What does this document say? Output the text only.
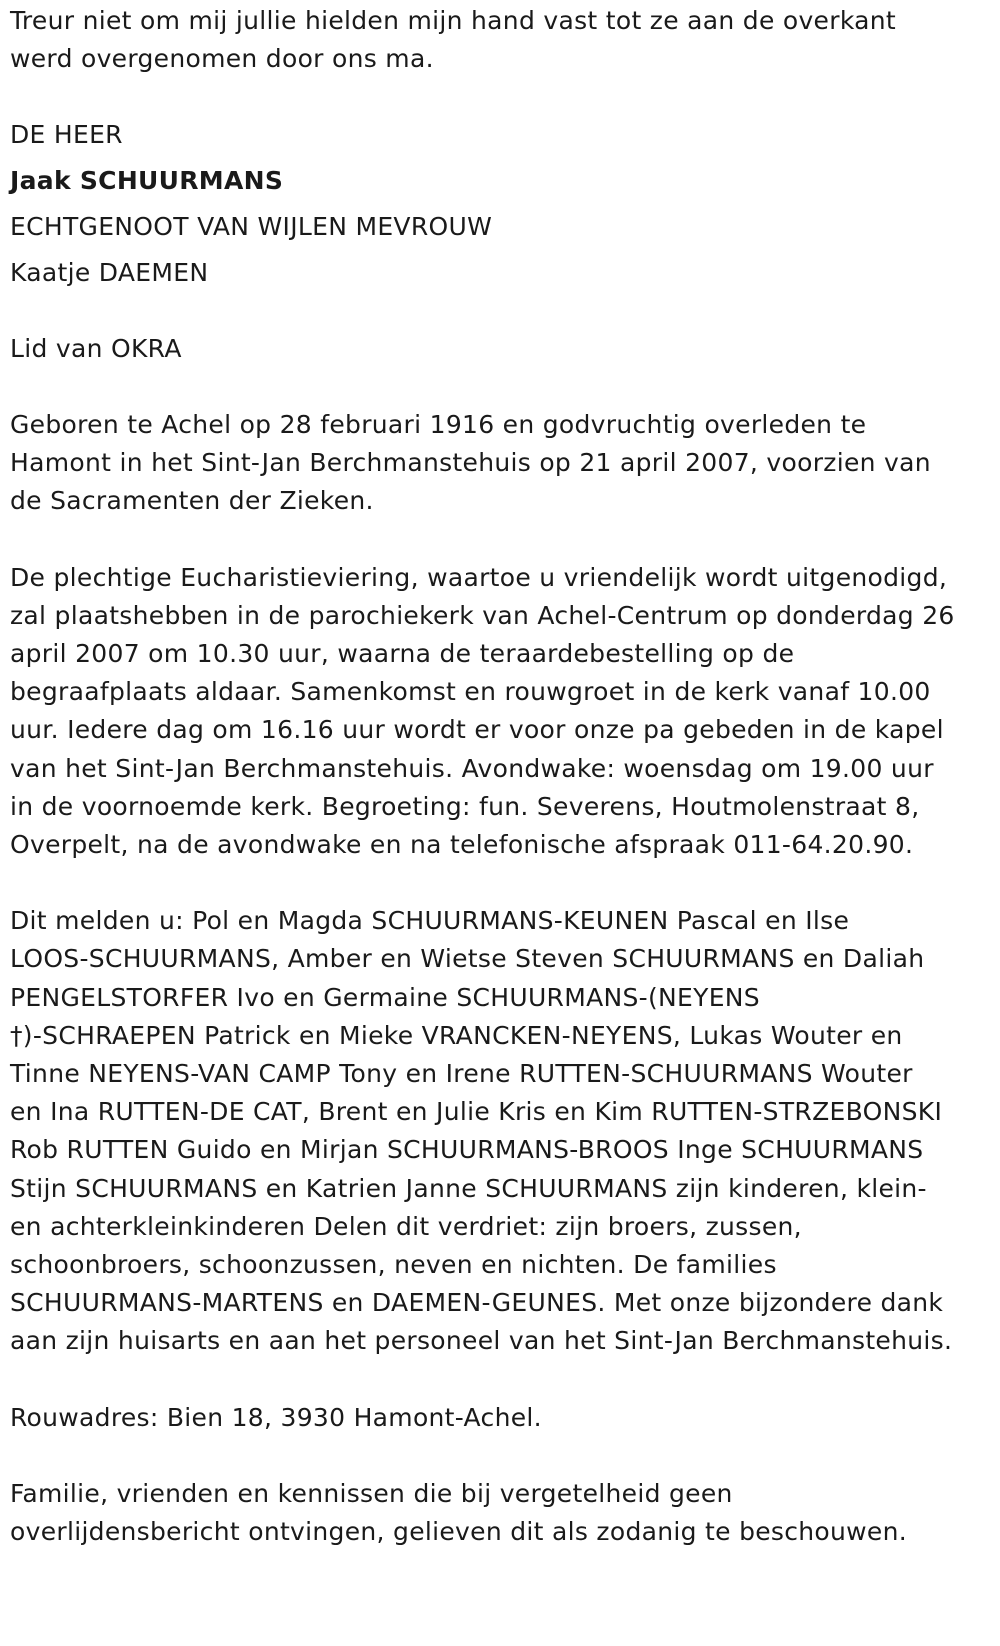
Treur niet om mij jullie hielden mijn hand vast tot ze aan de overkant
werd overgenomen door ons ma.
DE HEER
Jaak SCHUURMANS
ECHTGENOOT VAN WIJLEN MEVROUW
Kaatje DAEMEN
Lid van OKRA
Geboren te Achel op 28 februari 1916 en godvruchtig overleden te
Hamont in het Sint-Jan Berchmanstehuis op 21 april 2007, voorzien van
de Sacramenten der Zieken.
De plechtige Eucharistieviering, waartoe u vriendelijk wordt uitgenodigd,
zal plaatshebben in de parochiekerk van Achel-Centrum op donderdag 26
april 2007 om 10.30 uur, waarna de teraardebestelling op de
begraafplaats aldaar. Samenkomst en rouwgroet in de kerk vanaf 10.00
uur. Iedere dag om 16.16 uur wordt er voor onze pa gebeden in de kapel
van het Sint-Jan Berchmanstehuis. Avondwake: woensdag om 19.00 uur
in de voornoemde kerk. Begroeting: fun. Severens, Houtmolenstraat 8,
Overpelt, na de avondwake en na telefonische afspraak 011-64.20.90.
Dit melden u: Pol en Magda SCHUURMANS-KEUNEN Pascal en Ilse
LOOS-SCHUURMANS, Amber en Wietse Steven SCHUURMANS en Daliah
PENGELSTORFER Ivo en Germaine SCHUURMANS-(NEYENS
†)-SCHRAEPEN Patrick en Mieke VRANCKEN-NEYENS, Lukas Wouter en
Tinne NEYENS-VAN CAMP Tony en Irene RUTTEN-SCHUURMANS Wouter
en Ina RUTTEN-DE CAT, Brent en Julie Kris en Kim RUTTEN-STRZEBONSKI
Rob RUTTEN Guido en Mirjan SCHUURMANS-BROOS Inge SCHUURMANS
Stijn SCHUURMANS en Katrien Janne SCHUURMANS zijn kinderen, klein-
en achterkleinkinderen Delen dit verdriet: zijn broers, zussen,
schoonbroers, schoonzussen, neven en nichten. De families
SCHUURMANS-MARTENS en DAEMEN-GEUNES. Met onze bijzondere dank
aan zijn huisarts en aan het personeel van het Sint-Jan Berchmanstehuis.
Rouwadres: Bien 18, 3930 Hamont-Achel.
Familie, vrienden en kennissen die bij vergetelheid geen
overlijdensbericht ontvingen, gelieven dit als zodanig te beschouwen.
